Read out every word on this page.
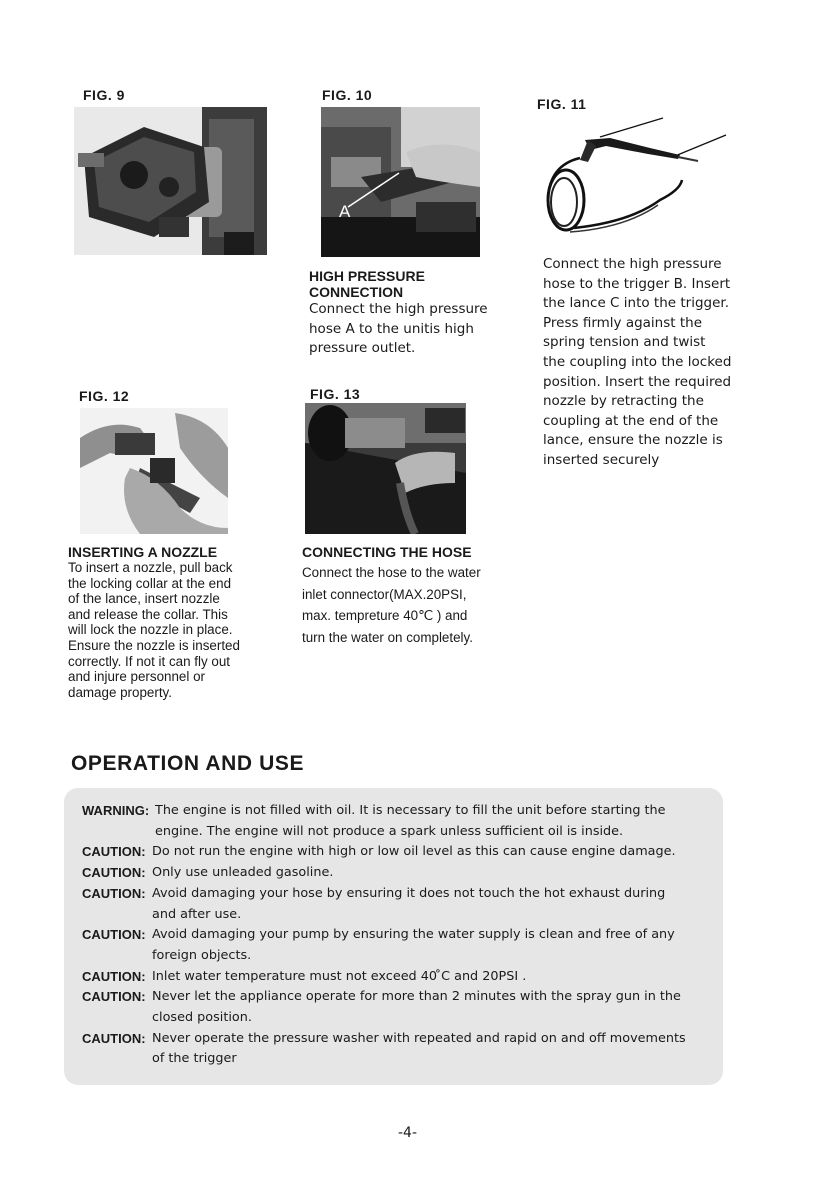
FIG. 9	FIG. 10
A
HIGH PRESSURE
CONNECTION
Connect the high pressure
hose A to the unitis high
pressure outlet.
FIG. 11
Connect the high pressure
hose to the trigger B. Insert
the lance C into the trigger.
Press firmly against the
spring tension and twist
the coupling into the locked
position. Insert the required
nozzle by retracting the
coupling at the end of the
lance, ensure the nozzle is
inserted securely
FIG. 12
INSERTING A NOZZLE
To insert a nozzle, pull back
the locking collar at the end
of the lance, insert nozzle
and release the collar. This
will lock the nozzle in place.
Ensure the nozzle is inserted
correctly. If not it can fly out
and injure personnel or
damage property.
FIG. 13
CONNECTING THE HOSE
Connect the hose to the water
inlet connector(MAX.20PSI,
max. tempreture 40℃ ) and
turn the water on completely.
OPERATION AND USE
WARNING: The engine is not filled with oil. It is necessary to fill the unit before starting the
engine. The engine will not produce a spark unless sufficient oil is inside.
CAUTION: Do not run the engine with high or low oil level as this can cause engine damage.
CAUTION: Only use unleaded gasoline.
CAUTION: Avoid damaging your hose by ensuring it does not touch the hot exhaust during
and after use.
CAUTION: Avoid damaging your pump by ensuring the water supply is clean and free of any
foreign objects.
CAUTION: Inlet water temperature must not exceed 40 ̊C and 20PSI .
CAUTION: Never let the appliance operate for more than 2 minutes with the spray gun in the
closed position.
CAUTION: Never operate the pressure washer with repeated and rapid on and off movements
of the trigger
-4-
